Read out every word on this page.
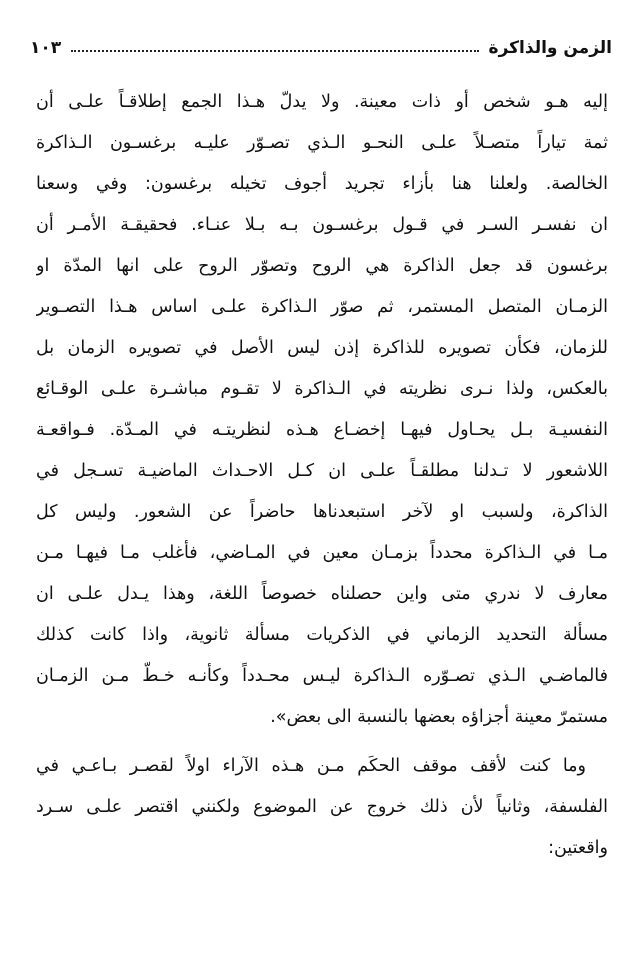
الزمن والذاكرة
١٠٣
إليه هـو شخص أو ذات معينة. ولا يدلّ هـذا الجمع إطلاقـاً علـى أن
ثمة تياراً متصـلاً علـى النحـو الـذي تصـوّر عليـه برغسـون الـذاكرة
الخالصة. ولعلنا هنا بأزاء تجريد أجوف تخيله برغسون: وفي وسعنا
ان نفسـر السـر في قـول برغسـون بـه بـلا عنـاء. فحقيقـة الأمـر أن
برغسون قد جعل الذاكرة هي الروح وتصوّر الروح على انها المدّة او
الزمـان المتصل المستمر، ثم صوّر الـذاكرة علـى اساس هـذا التصـوير
للزمان، فكأن تصويره للذاكرة إذن ليس الأصل في تصويره الزمان بل
بالعكس، ولذا نـرى نظريته في الـذاكرة لا تقـوم مباشـرة علـى الوقـائع
النفسيـة بـل يحـاول فيهـا إخضـاع هـذه لنظريتـه في المـدّة. فـواقعـة
اللاشعور لا تـدلنا مطلقـاً علـى ان كـل الاحـداث الماضيـة تسـجل في
الذاكرة، ولسبب او لآخر استبعدناها حاضراً عن الشعور. وليس كل
مـا في الـذاكرة محدداً بزمـان معين في المـاضي، فأغلب مـا فيهـا مـن
معارف لا ندري متى واين حصلناه خصوصاً اللغة، وهذا يـدل علـى ان
مسألة التحديد الزماني في الذكريات مسألة ثانوية، واذا كانت كذلك
فالماضـي الـذي تصـوّره الـذاكرة ليـس محـدداً وكأنـه خـطّ مـن الزمـان
مستمرّ معينة أجزاؤه بعضها بالنسبة الى بعض».
وما كنت لأقف موقف الحكَم مـن هـذه الآراء اولاً لقصـر بـاعـي في
الفلسفة، وثانياً لأن ذلك خروج عن الموضوع ولكنني اقتصر علـى سـرد
واقعتين:
